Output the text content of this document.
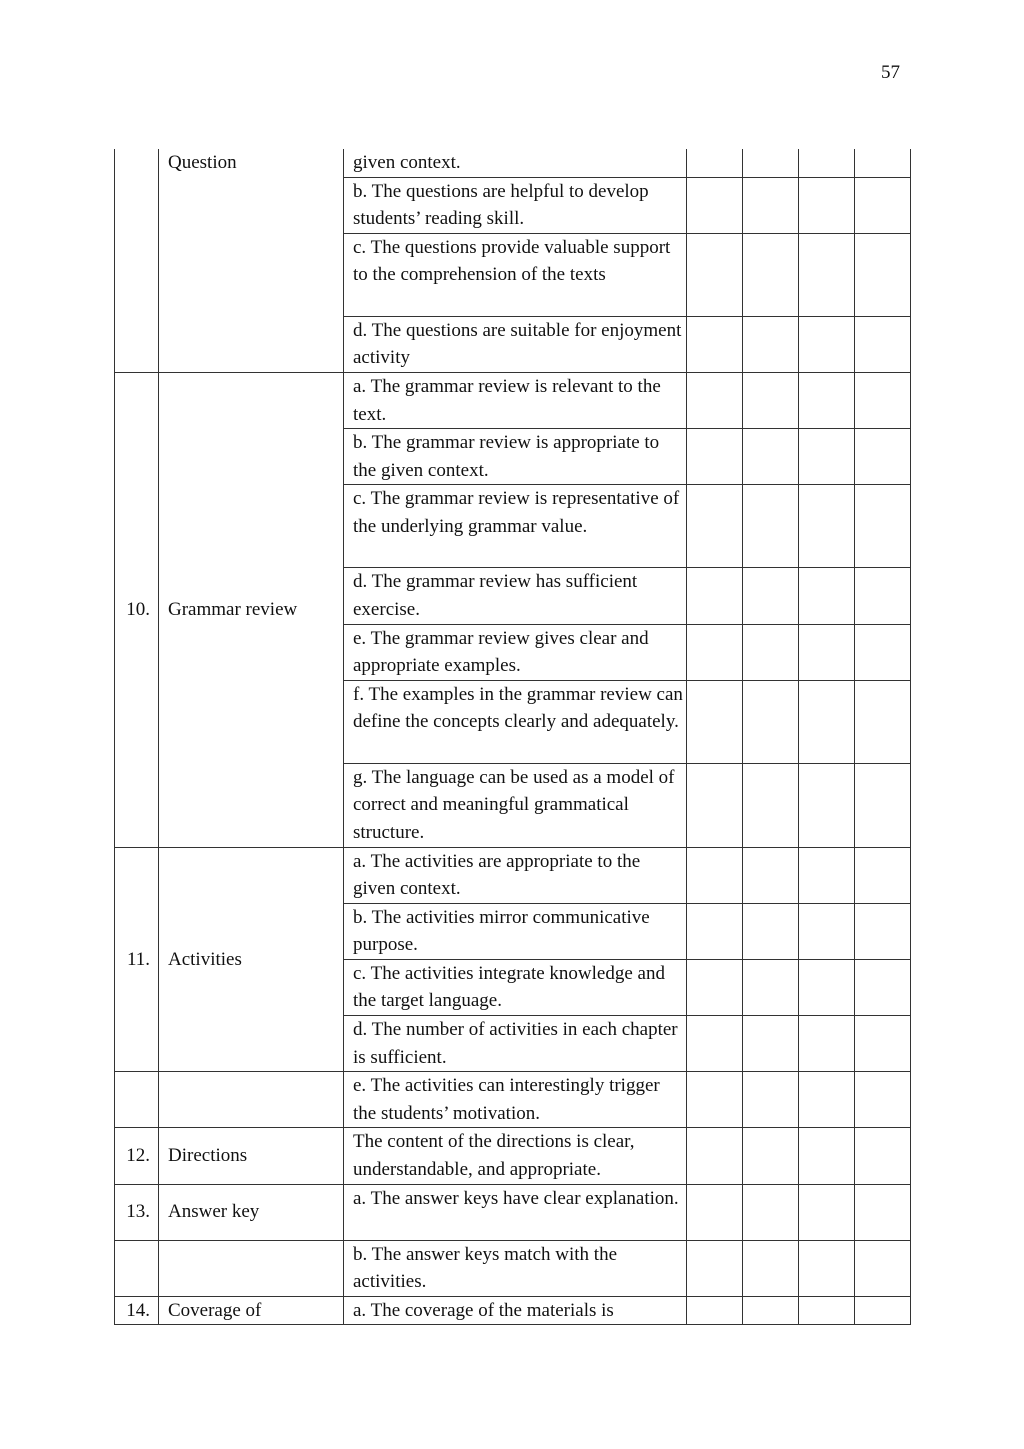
57
	Question	given context.				
		b. The questions are helpful to develop students’ reading skill.				
		c. The questions provide valuable support to the comprehension of the texts				
		d. The questions are suitable for enjoyment activity				
10.	Grammar review	a. The grammar review is relevant to the text.				
		b. The grammar review is appropriate to the given context.				
		c. The grammar review is representative of the underlying grammar value.				
		d. The grammar review has sufficient exercise.				
		e. The grammar review gives clear and appropriate examples.				
		f. The examples in the grammar review can define the concepts clearly and adequately.				
		g. The language can be used as a model of correct and meaningful grammatical structure.				
11.	Activities	a. The activities are appropriate to the given context.				
		b. The activities mirror communicative purpose.				
		c. The activities integrate knowledge and the target language.				
		d. The number of activities in each chapter is sufficient.				
		e. The activities can interestingly trigger the students’ motivation.				
12.	Directions	The content of the directions is clear, understandable, and appropriate.				
13.	Answer key	a. The answer keys have clear explanation.				
		b. The answer keys match with the activities.				
14.	Coverage of	a. The coverage of the materials is				
